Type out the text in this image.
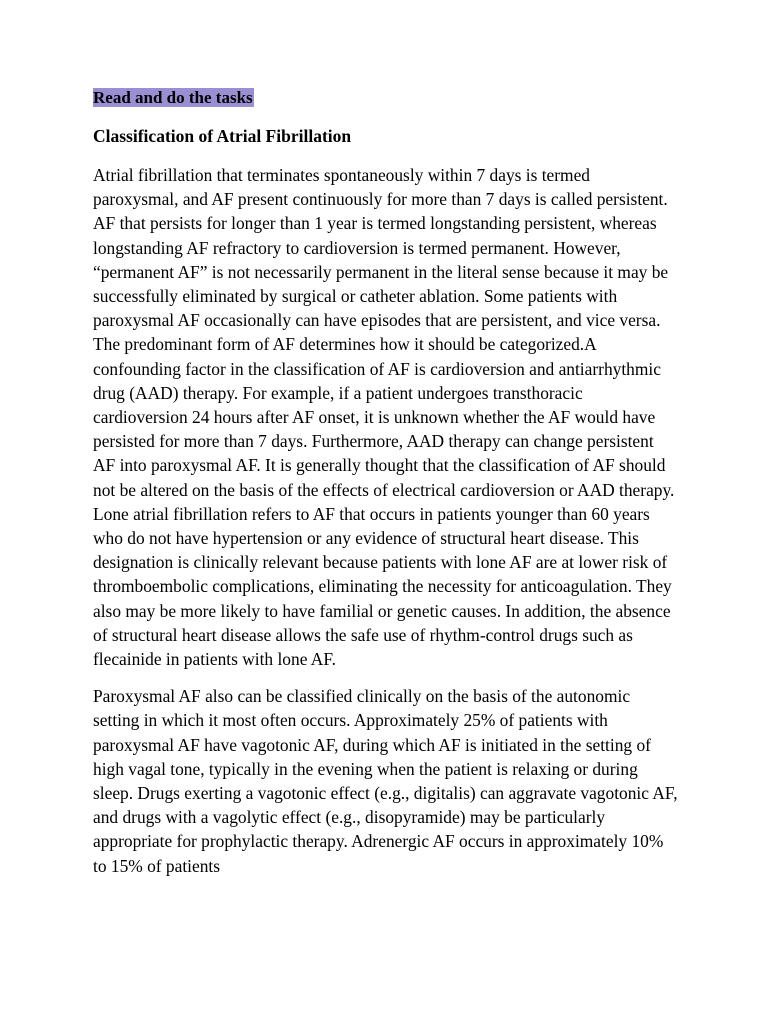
Read and do the tasks

Classification of Atrial Fibrillation

Atrial fibrillation that terminates spontaneously within 7 days is termed paroxysmal, and AF present continuously for more than 7 days is called persistent. AF that persists for longer than 1 year is termed longstanding persistent, whereas longstanding AF refractory to cardioversion is termed permanent. However, “permanent AF” is not necessarily permanent in the literal sense because it may be successfully eliminated by surgical or catheter ablation. Some patients with paroxysmal AF occasionally can have episodes that are persistent, and vice versa. The predominant form of AF determines how it should be categorized.A confounding factor in the classification of AF is cardioversion and antiarrhythmic drug (AAD) therapy. For example, if a patient undergoes transthoracic cardioversion 24 hours after AF onset, it is unknown whether the AF would have persisted for more than 7 days. Furthermore, AAD therapy can change persistent AF into paroxysmal AF. It is generally thought that the classification of AF should not be altered on the basis of the effects of electrical cardioversion or AAD therapy. Lone atrial fibrillation refers to AF that occurs in patients younger than 60 years who do not have hypertension or any evidence of structural heart disease. This designation is clinically relevant because patients with lone AF are at lower risk of thromboembolic complications, eliminating the necessity for anticoagulation. They also may be more likely to have familial or genetic causes. In addition, the absence of structural heart disease allows the safe use of rhythm-control drugs such as flecainide in patients with lone AF.

Paroxysmal AF also can be classified clinically on the basis of the autonomic setting in which it most often occurs. Approximately 25% of patients with paroxysmal AF have vagotonic AF, during which AF is initiated in the setting of high vagal tone, typically in the evening when the patient is relaxing or during sleep. Drugs exerting a vagotonic effect (e.g., digitalis) can aggravate vagotonic AF, and drugs with a vagolytic effect (e.g., disopyramide) may be particularly appropriate for prophylactic therapy. Adrenergic AF occurs in approximately 10% to 15% of patients
